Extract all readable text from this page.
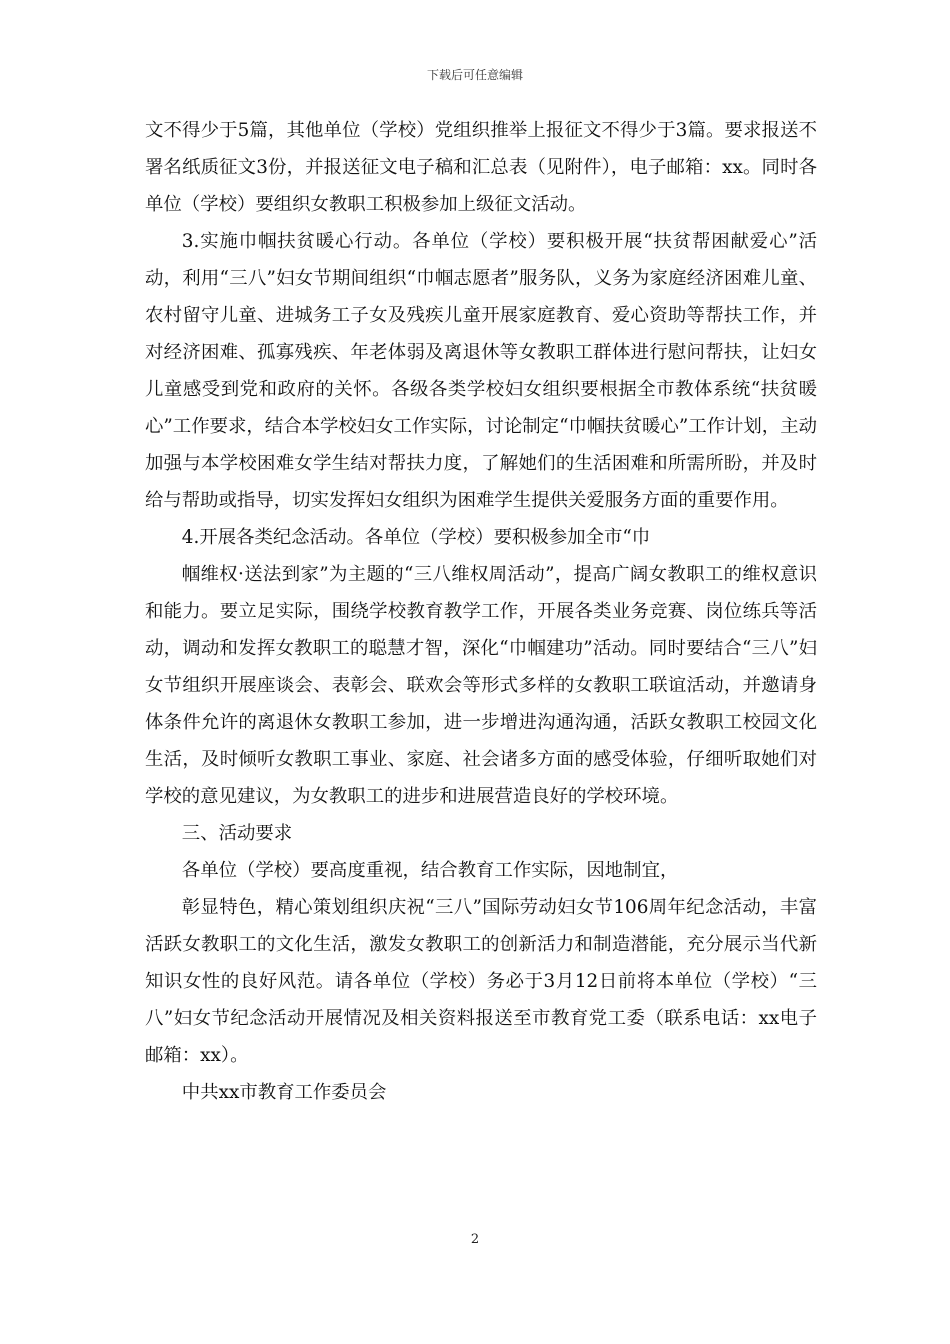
下载后可任意编辑

文不得少于5篇，其他单位（学校）党组织推举上报征文不得少于3篇。要求报送不署名纸质征文3份，并报送征文电子稿和汇总表（见附件），电子邮箱：xx。同时各单位（学校）要组织女教职工积极参加上级征文活动。

3.实施巾帼扶贫暖心行动。各单位（学校）要积极开展“扶贫帮困献爱心”活动，利用“三八”妇女节期间组织“巾帼志愿者”服务队，义务为家庭经济困难儿童、农村留守儿童、进城务工子女及残疾儿童开展家庭教育、爱心资助等帮扶工作，并对经济困难、孤寡残疾、年老体弱及离退休等女教职工群体进行慰问帮扶，让妇女儿童感受到党和政府的关怀。各级各类学校妇女组织要根据全市教体系统“扶贫暖心”工作要求，结合本学校妇女工作实际，讨论制定“巾帼扶贫暖心”工作计划，主动加强与本学校困难女学生结对帮扶力度，了解她们的生活困难和所需所盼，并及时给与帮助或指导，切实发挥妇女组织为困难学生提供关爱服务方面的重要作用。

4.开展各类纪念活动。各单位（学校）要积极参加全市“巾

帼维权·送法到家”为主题的“三八维权周活动”，提高广阔女教职工的维权意识和能力。要立足实际，围绕学校教育教学工作，开展各类业务竞赛、岗位练兵等活动，调动和发挥女教职工的聪慧才智，深化“巾帼建功”活动。同时要结合“三八”妇女节组织开展座谈会、表彰会、联欢会等形式多样的女教职工联谊活动，并邀请身体条件允许的离退休女教职工参加，进一步增进沟通沟通，活跃女教职工校园文化生活，及时倾听女教职工事业、家庭、社会诸多方面的感受体验，仔细听取她们对学校的意见建议，为女教职工的进步和进展营造良好的学校环境。

三、活动要求

各单位（学校）要高度重视，结合教育工作实际，因地制宜，

彰显特色，精心策划组织庆祝“三八”国际劳动妇女节106周年纪念活动，丰富活跃女教职工的文化生活，激发女教职工的创新活力和制造潜能，充分展示当代新知识女性的良好风范。请各单位（学校）务必于3月12日前将本单位（学校）“三八”妇女节纪念活动开展情况及相关资料报送至市教育党工委（联系电话：xx电子邮箱：xx）。

中共xx市教育工作委员会

2
